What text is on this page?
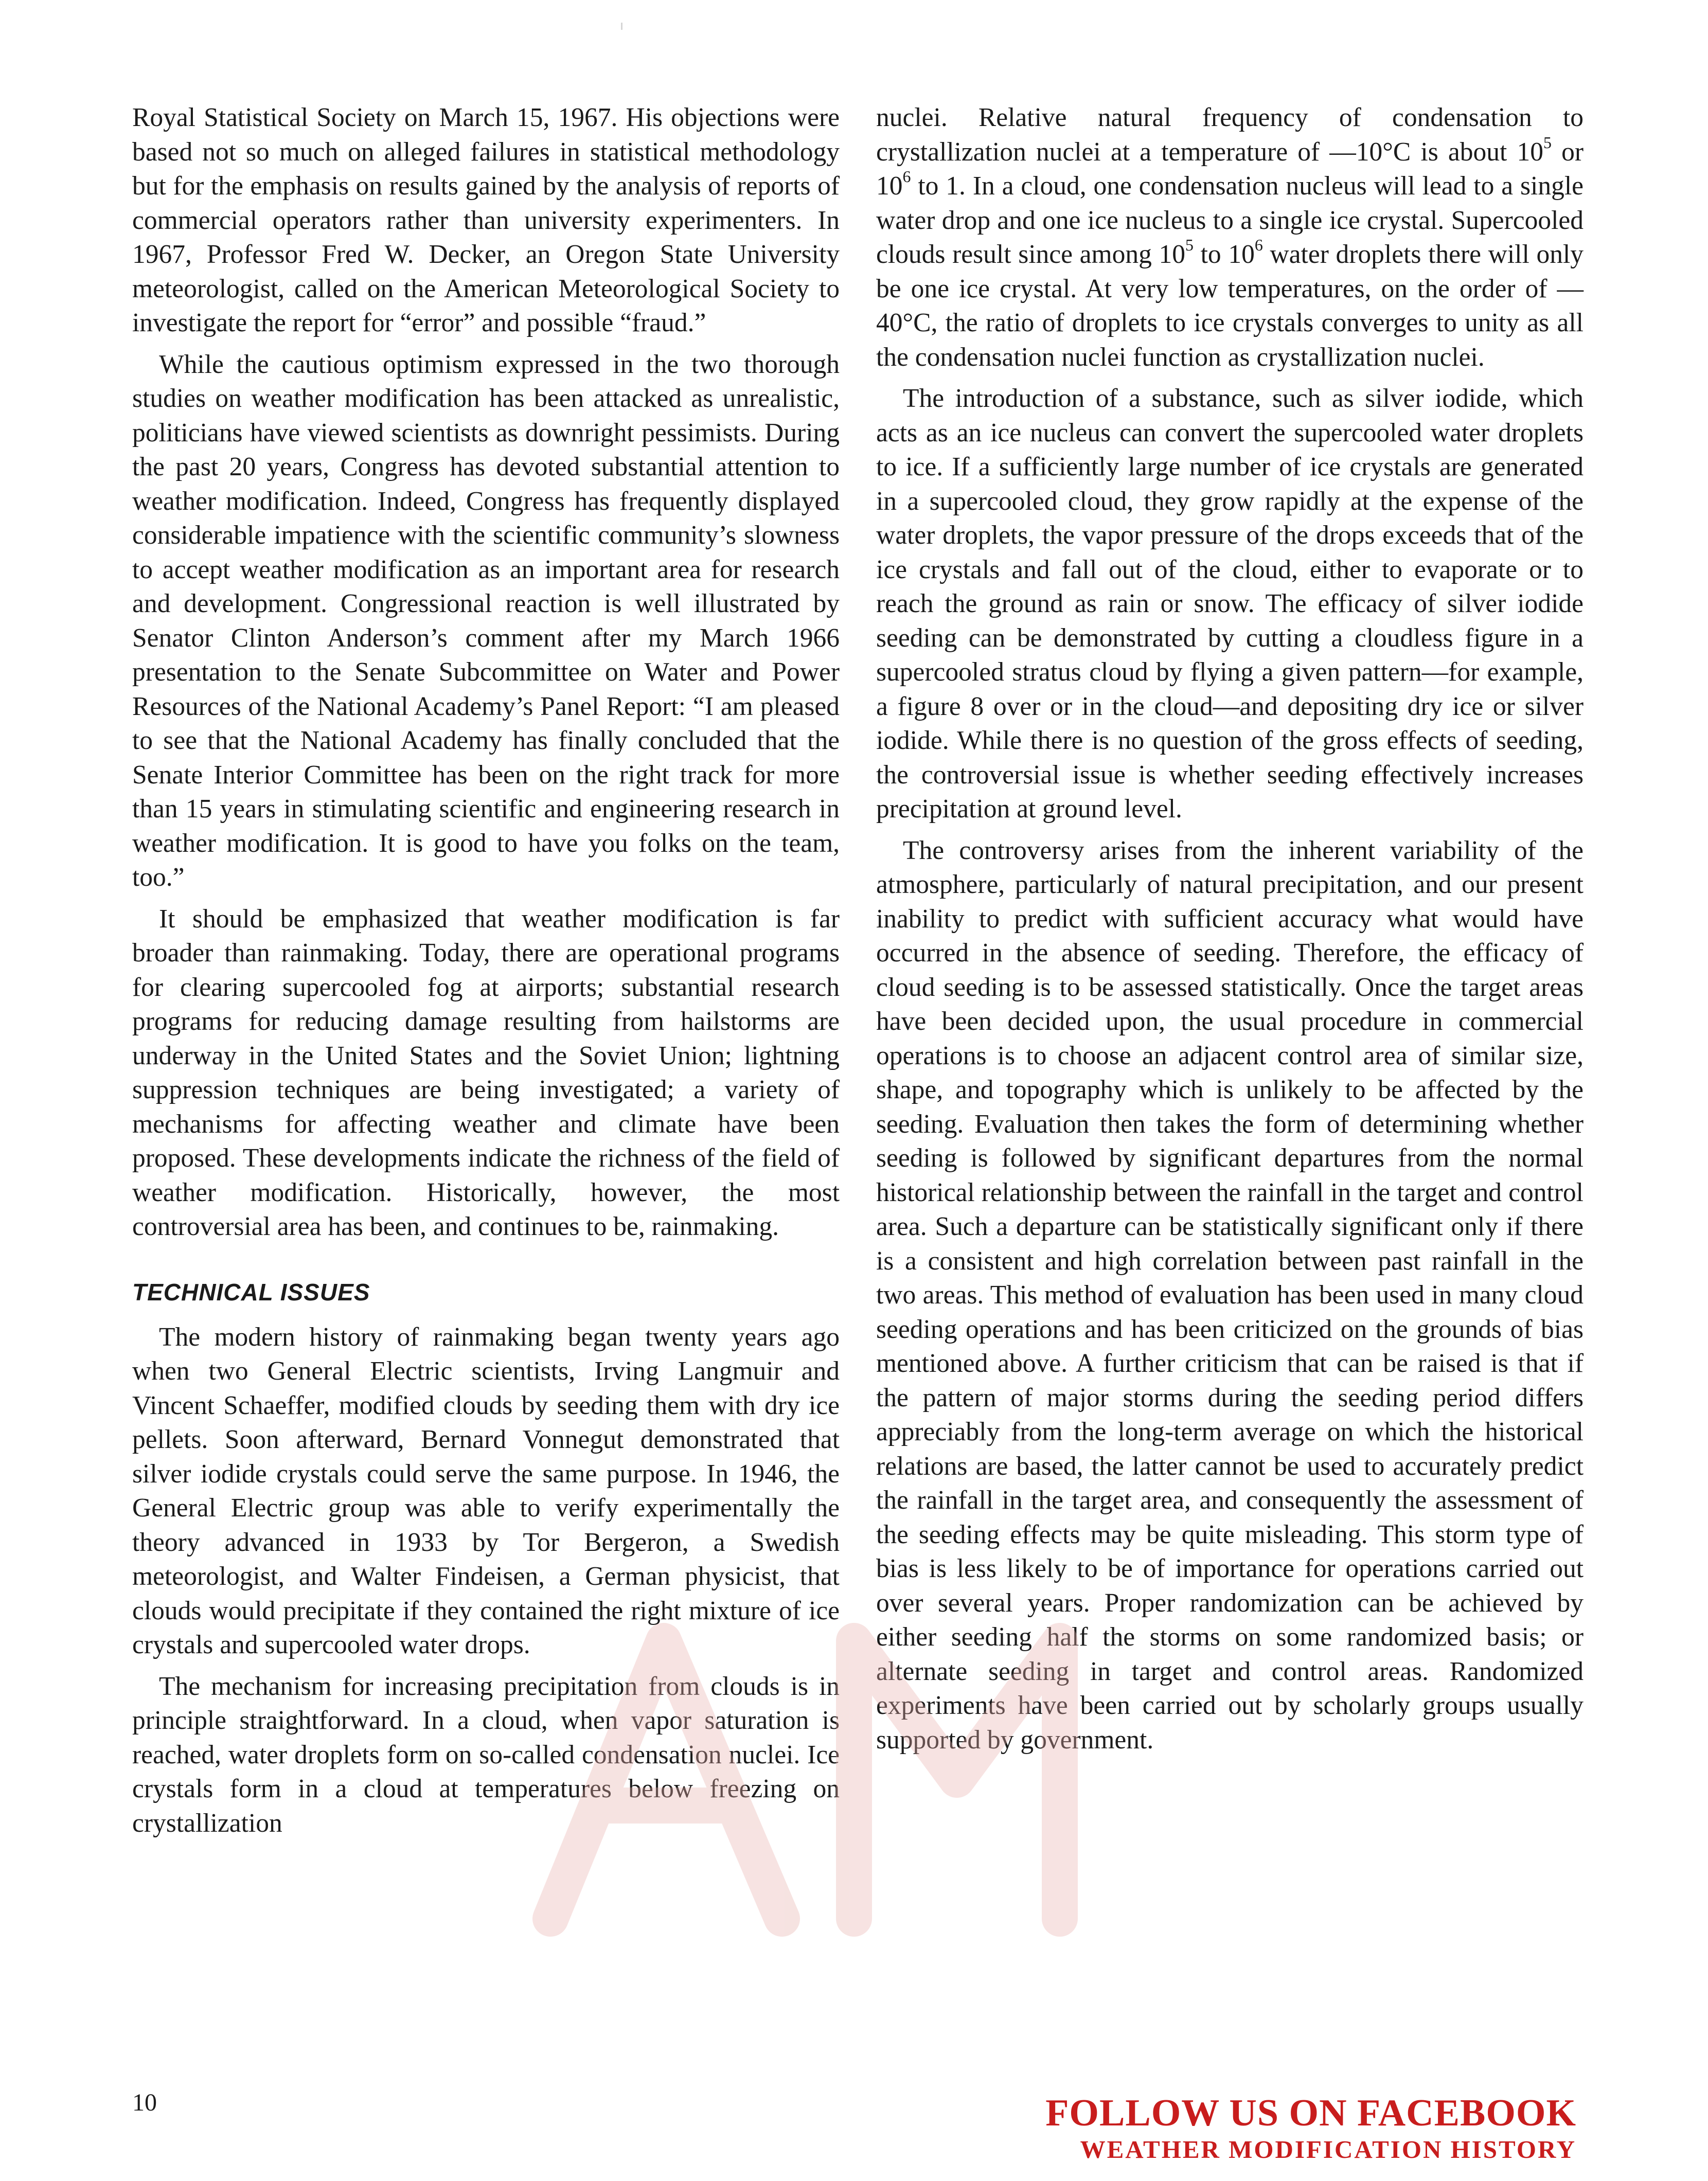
Royal Statistical Society on March 15, 1967. His objections were based not so much on alleged failures in statistical methodology but for the emphasis on results gained by the analysis of reports of commercial operators rather than university experimenters. In 1967, Professor Fred W. Decker, an Oregon State University meteorologist, called on the American Meteorological Society to investigate the report for “error” and possible “fraud.”

While the cautious optimism expressed in the two thorough studies on weather modification has been attacked as unrealistic, politicians have viewed scientists as downright pessimists. During the past 20 years, Congress has devoted substantial attention to weather modification. Indeed, Congress has frequently displayed considerable impatience with the scientific community’s slowness to accept weather modification as an important area for research and development. Congressional reaction is well illustrated by Senator Clinton Anderson’s comment after my March 1966 presentation to the Senate Subcommittee on Water and Power Resources of the National Academy’s Panel Report: “I am pleased to see that the National Academy has finally concluded that the Senate Interior Committee has been on the right track for more than 15 years in stimulating scientific and engineering research in weather modification. It is good to have you folks on the team, too.”

It should be emphasized that weather modification is far broader than rainmaking. Today, there are operational programs for clearing supercooled fog at airports; substantial research programs for reducing damage resulting from hailstorms are underway in the United States and the Soviet Union; lightning suppression techniques are being investigated; a variety of mechanisms for affecting weather and climate have been proposed. These developments indicate the richness of the field of weather modification. Historically, however, the most controversial area has been, and continues to be, rainmaking.

TECHNICAL ISSUES

The modern history of rainmaking began twenty years ago when two General Electric scientists, Irving Langmuir and Vincent Schaeffer, modified clouds by seeding them with dry ice pellets. Soon afterward, Bernard Vonnegut demonstrated that silver iodide crystals could serve the same purpose. In 1946, the General Electric group was able to verify experimentally the theory advanced in 1933 by Tor Bergeron, a Swedish meteorologist, and Walter Findeisen, a German physicist, that clouds would precipitate if they contained the right mixture of ice crystals and supercooled water drops.

The mechanism for increasing precipitation from clouds is in principle straightforward. In a cloud, when vapor saturation is reached, water droplets form on so-called condensation nuclei. Ice crystals form in a cloud at temperatures below freezing on crystallization

nuclei. Relative natural frequency of condensation to crystallization nuclei at a temperature of —10°C is about $10^5$ or $10^6$ to 1. In a cloud, one condensation nucleus will lead to a single water drop and one ice nucleus to a single ice crystal. Supercooled clouds result since among $10^5$ to $10^6$ water droplets there will only be one ice crystal. At very low temperatures, on the order of — 40°C, the ratio of droplets to ice crystals converges to unity as all the condensation nuclei function as crystallization nuclei.

The introduction of a substance, such as silver iodide, which acts as an ice nucleus can convert the supercooled water droplets to ice. If a sufficiently large number of ice crystals are generated in a supercooled cloud, they grow rapidly at the expense of the water droplets, the vapor pressure of the drops exceeds that of the ice crystals and fall out of the cloud, either to evaporate or to reach the ground as rain or snow. The efficacy of silver iodide seeding can be demonstrated by cutting a cloudless figure in a supercooled stratus cloud by flying a given pattern—for example, a figure 8 over or in the cloud—and depositing dry ice or silver iodide. While there is no question of the gross effects of seeding, the controversial issue is whether seeding effectively increases precipitation at ground level.

The controversy arises from the inherent variability of the atmosphere, particularly of natural precipitation, and our present inability to predict with sufficient accuracy what would have occurred in the absence of seeding. Therefore, the efficacy of cloud seeding is to be assessed statistically. Once the target areas have been decided upon, the usual procedure in commercial operations is to choose an adjacent control area of similar size, shape, and topography which is unlikely to be affected by the seeding. Evaluation then takes the form of determining whether seeding is followed by significant departures from the normal historical relationship between the rainfall in the target and control area. Such a departure can be statistically significant only if there is a consistent and high correlation between past rainfall in the two areas. This method of evaluation has been used in many cloud seeding operations and has been criticized on the grounds of bias mentioned above. A further criticism that can be raised is that if the pattern of major storms during the seeding period differs appreciably from the long-term average on which the historical relations are based, the latter cannot be used to accurately predict the rainfall in the target area, and consequently the assessment of the seeding effects may be quite misleading. This storm type of bias is less likely to be of importance for operations carried out over several years. Proper randomization can be achieved by either seeding half the storms on some randomized basis; or alternate seeding in target and control areas. Randomized experiments have been carried out by scholarly groups usually supported by government.

10	FOLLOW US ON FACEBOOK
WEATHER MODIFICATION HISTORY
